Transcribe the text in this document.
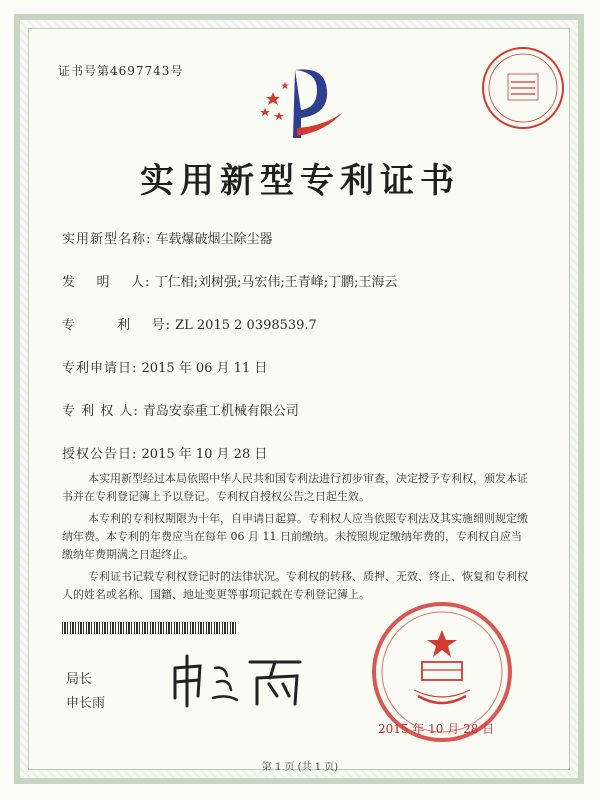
证书号第4697743号
实用新型专利证书
实用新型名称: 车载爆破烟尘除尘器
发    明    人: 丁仁相;刘树强;马宏伟;王青峰;丁鹏;王海云
专        利    号: ZL 2015 2 0398539.7
专利申请日: 2015 年 06 月 11 日
专 利 权 人: 青岛安泰重工机械有限公司
授权公告日: 2015 年 10 月 28 日

本实用新型经过本局依照中华人民共和国专利法进行初步审查，决定授予专利权，颁发本证书并在专利登记簿上予以登记。专利权自授权公告之日起生效。

本专利的专利权期限为十年，自申请日起算。专利权人应当依照专利法及其实施细则规定缴纳年费。本专利的年费应当在每年 06 月 11 日前缴纳。未按照规定缴纳年费的，专利权自应当缴纳年费期满之日起终止。

专利证书记载专利权登记时的法律状况。专利权的转移、质押、无效、终止、恢复和专利权人的姓名或名称、国籍、地址变更等事项记载在专利登记簿上。

局长
申长雨
2015 年 10 月 28 日
第 1 页 (共 1 页)
